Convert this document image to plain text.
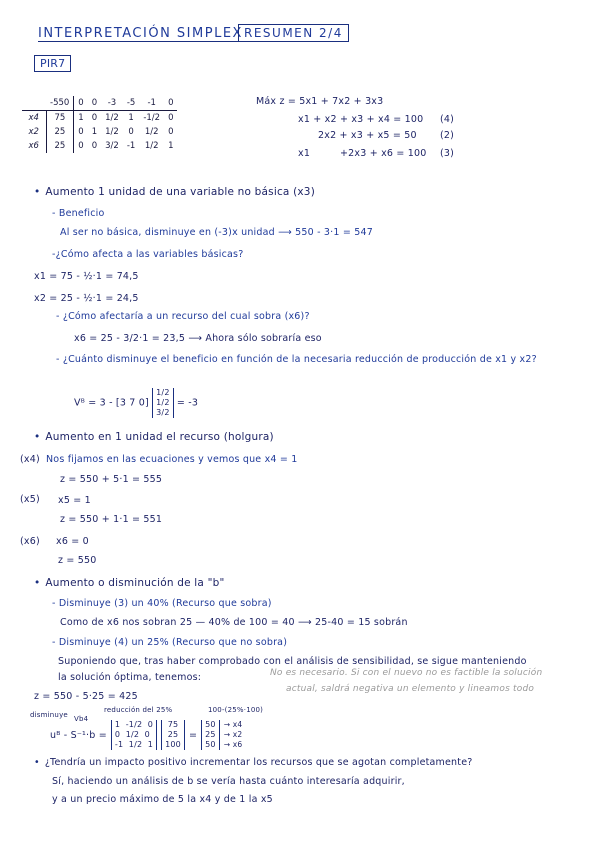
INTERPRETACIÓN SIMPLEX RESUMEN 2/4
PIR7
	-550	0	0	-3	-5	-1	0
x4	75	1	0	1/2	1	-1/2	0
x2	25	0	1	1/2	0	1/2	0
x6	25	0	0	3/2	-1	1/2	1
Máx z = 5x1 + 7x2 + 3x3
x1 + x2 + x3 + x4 = 100 (4)
2x2 + x3 + x5 = 50 (2)
x1	+2x3 + x6 = 100 (3)
• Aumento 1 unidad de una variable no básica (x3)
- Beneficio
Al ser no básica, disminuye en (-3)x unidad ⟶ 550 - 3·1 = 547
-¿Cómo afecta a las variables básicas?
x1 = 75 - ½·1 = 74,5
x2 = 25 - ½·1 = 24,5
- ¿Cómo afectaría a un recurso del cual sobra (x6)?
x6 = 25 - 3/2·1 = 23,5 ⟶ Ahora sólo sobraría eso
- ¿Cuánto disminuye el beneficio en función de la necesaria reducción de producción de x1 y x2?
Vᴮ = 3 - [3 7 0] 1/2
1/2
3/2 = -3
• Aumento en 1 unidad el recurso (holgura)
(x4) Nos fijamos en las ecuaciones y vemos que x4 = 1
z = 550 + 5·1 = 555
(x5) x5 = 1
z = 550 + 1·1 = 551
(x6) x6 = 0
z = 550
• Aumento o disminución de la "b"
- Disminuye (3) un 40% (Recurso que sobra)
Como de x6 nos sobran 25 — 40% de 100 = 40 ⟶ 25-40 = 15 sobrán
- Disminuye (4) un 25% (Recurso que no sobra)
Suponiendo que, tras haber comprobado con el análisis de sensibilidad, se sigue manteniendo
la solución óptima, tenemos:	No es necesario. Si con el nuevo no es factible la solución
actual, saldrá negativa un elemento y lineamos todo
z = 550 - 5·25 = 425
disminuye Vb4
reducción del 25%	100-(25%·100)
uᴮ - S⁻¹·b =
1 -1/2 0
0 1/2 0
-1 1/2 1
75
25
100
=
50
25
50
→ x4
→ x2
→ x6
• ¿Tendría un impacto positivo incrementar los recursos que se agotan completamente?
Sí, haciendo un análisis de b se vería hasta cuánto interesaría adquirir,
y a un precio máximo de 5 la x4 y de 1 la x5
